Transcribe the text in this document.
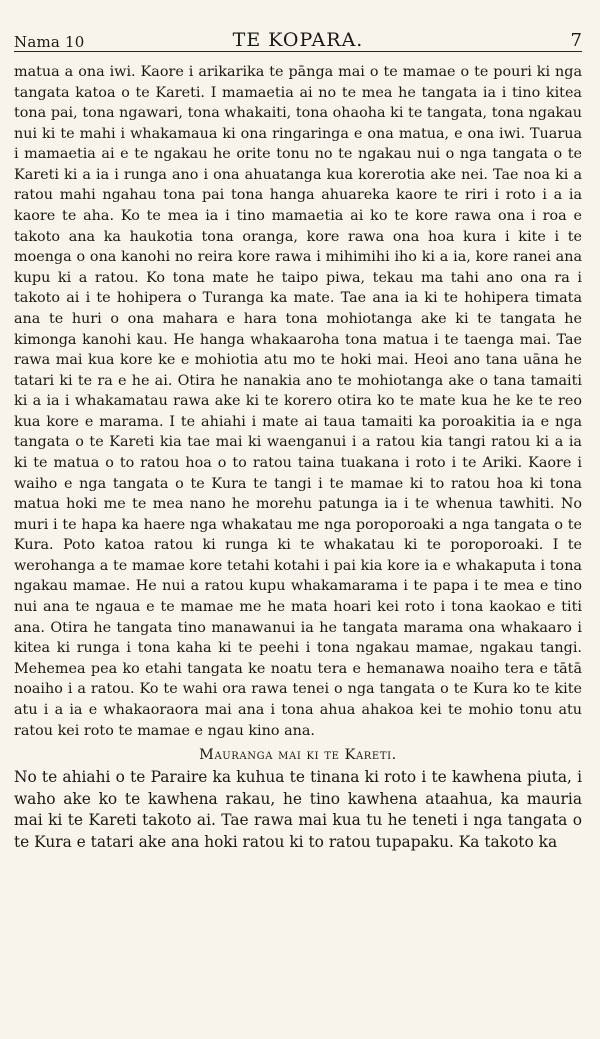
Nama 10	TE KOPARA.	7

matua a ona iwi. Kaore i arikarika te pānga mai o te mamae o te pouri ki nga tangata katoa o te Kareti. I mamaetia ai no te mea he tangata ia i tino kitea tona pai, tona ngawari, tona whakaiti, tona ohaoha ki te tangata, tona ngakau nui ki te mahi i whakamaua ki ona ringaringa e ona matua, e ona iwi. Tuarua i mamaetia ai e te ngakau he orite tonu no te ngakau nui o nga tangata o te Kareti ki a ia i runga ano i ona ahuatanga kua korerotia ake nei. Tae noa ki a ratou mahi ngahau tona pai tona hanga ahuareka kaore te riri i roto i a ia kaore te aha. Ko te mea ia i tino mamaetia ai ko te kore rawa ona i roa e takoto ana ka haukotia tona oranga, kore rawa ona hoa kura i kite i te moenga o ona kanohi no reira kore rawa i mihimihi iho ki a ia, kore ranei ana kupu ki a ratou. Ko tona mate he taipo piwa, tekau ma tahi ano ona ra i takoto ai i te hohipera o Turanga ka mate. Tae ana ia ki te hohipera timata ana te huri o ona mahara e hara tona mohiotanga ake ki te tangata he kimonga kanohi kau. He hanga whakaaroha tona matua i te taenga mai. Tae rawa mai kua kore ke e mohiotia atu mo te hoki mai. Heoi ano tana uāna he tatari ki te ra e he ai. Otira he nanakia ano te mohiotanga ake o tana tamaiti ki a ia i whakamatau rawa ake ki te korero otira ko te mate kua he ke te reo kua kore e marama. I te ahiahi i mate ai taua tamaiti ka poroakitia ia e nga tangata o te Kareti kia tae mai ki waenganui i a ratou kia tangi ratou ki a ia ki te matua o to ratou hoa o to ratou taina tuakana i roto i te Ariki. Kaore i waiho e nga tangata o te Kura te tangi i te mamae ki to ratou hoa ki tona matua hoki me te mea nano he morehu patunga ia i te whenua tawhiti. No muri i te hapa ka haere nga whakatau me nga poroporoaki a nga tangata o te Kura. Poto katoa ratou ki runga ki te whakatau ki te poroporoaki. I te werohanga a te mamae kore tetahi kotahi i pai kia kore ia e whakaputa i tona ngakau mamae. He nui a ratou kupu whakamarama i te papa i te mea e tino nui ana te ngaua e te mamae me he mata hoari kei roto i tona kaokao e titi ana. Otira he tangata tino manawanui ia he tangata marama ona whakaaro i kitea ki runga i tona kaha ki te peehi i tona ngakau mamae, ngakau tangi. Mehemea pea ko etahi tangata ke noatu tera e hemanawa noaiho tera e tātā noaiho i a ratou. Ko te wahi ora rawa tenei o nga tangata o te Kura ko te kite atu i a ia e whakaoraora mai ana i tona ahua ahakoa kei te mohio tonu atu ratou kei roto te mamae e ngau kino ana.

Mauranga mai ki te Kareti.

No te ahiahi o te Paraire ka kuhua te tinana ki roto i te kawhena piuta, i waho ake ko te kawhena rakau, he tino kawhena ataahua, ka mauria mai ki te Kareti takoto ai. Tae rawa mai kua tu he teneti i nga tangata o te Kura e tatari ake ana hoki ratou ki to ratou tupapaku. Ka takoto ka
